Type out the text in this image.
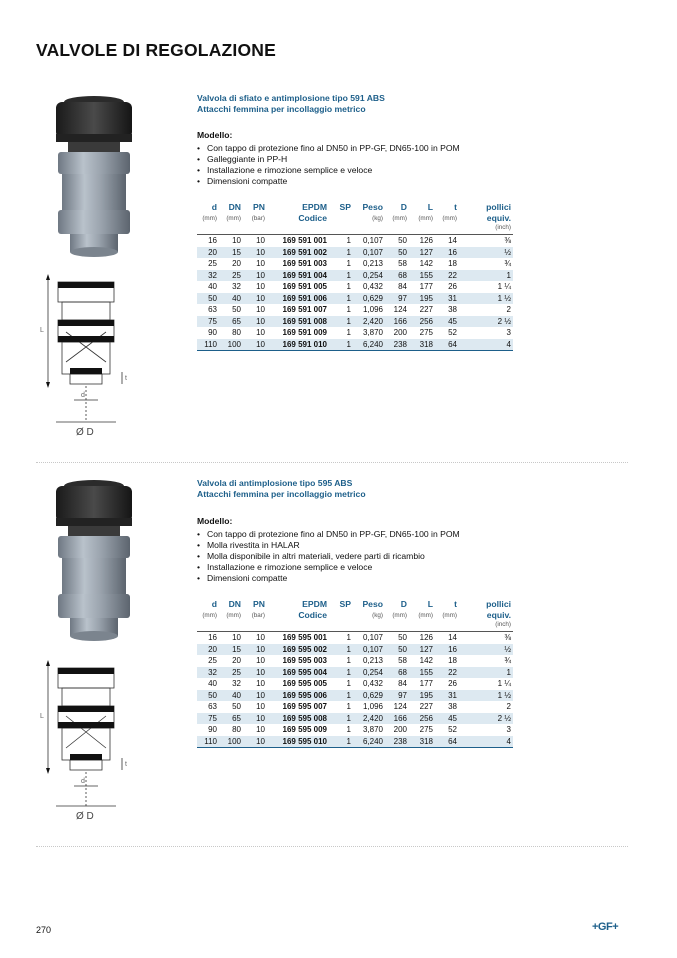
VALVOLE DI REGOLAZIONE
L
t
d
Ø D
Valvola di sfiato e antimplosione tipo 591 ABS
Attacchi femmina per incollaggio metrico
Modello:
• Con tappo di protezione fino al DN50 in PP-GF, DN65-100 in POM
• Galleggiante in PP-H
• Installazione e rimozione semplice e veloce
• Dimensioni compatte
d	DN	PN	EPDM	SP	Peso	D	L	t	pollici
(mm)	(mm)	(bar)	Codice		(kg)	(mm)	(mm)	(mm)	equiv.
									(inch)
16	10	10	169 591 001	1	0,107	50	126	14	⅜
20	15	10	169 591 002	1	0,107	50	127	16	½
25	20	10	169 591 003	1	0,213	58	142	18	¾
32	25	10	169 591 004	1	0,254	68	155	22	1
40	32	10	169 591 005	1	0,432	84	177	26	1 ¼
50	40	10	169 591 006	1	0,629	97	195	31	1 ½
63	50	10	169 591 007	1	1,096	124	227	38	2
75	65	10	169 591 008	1	2,420	166	256	45	2 ½
90	80	10	169 591 009	1	3,870	200	275	52	3
110	100	10	169 591 010	1	6,240	238	318	64	4
L
t
d
Ø D
Valvola di antimplosione tipo 595 ABS
Attacchi femmina per incollaggio metrico
Modello:
• Con tappo di protezione fino al DN50 in PP-GF, DN65-100 in POM
• Molla rivestita in HALAR
• Molla disponibile in altri materiali, vedere parti di ricambio
• Installazione e rimozione semplice e veloce
• Dimensioni compatte
d	DN	PN	EPDM	SP	Peso	D	L	t	pollici
(mm)	(mm)	(bar)	Codice		(kg)	(mm)	(mm)	(mm)	equiv.
									(inch)
16	10	10	169 595 001	1	0,107	50	126	14	⅜
20	15	10	169 595 002	1	0,107	50	127	16	½
25	20	10	169 595 003	1	0,213	58	142	18	¾
32	25	10	169 595 004	1	0,254	68	155	22	1
40	32	10	169 595 005	1	0,432	84	177	26	1 ¼
50	40	10	169 595 006	1	0,629	97	195	31	1 ½
63	50	10	169 595 007	1	1,096	124	227	38	2
75	65	10	169 595 008	1	2,420	166	256	45	2 ½
90	80	10	169 595 009	1	3,870	200	275	52	3
110	100	10	169 595 010	1	6,240	238	318	64	4
270	+GF+
